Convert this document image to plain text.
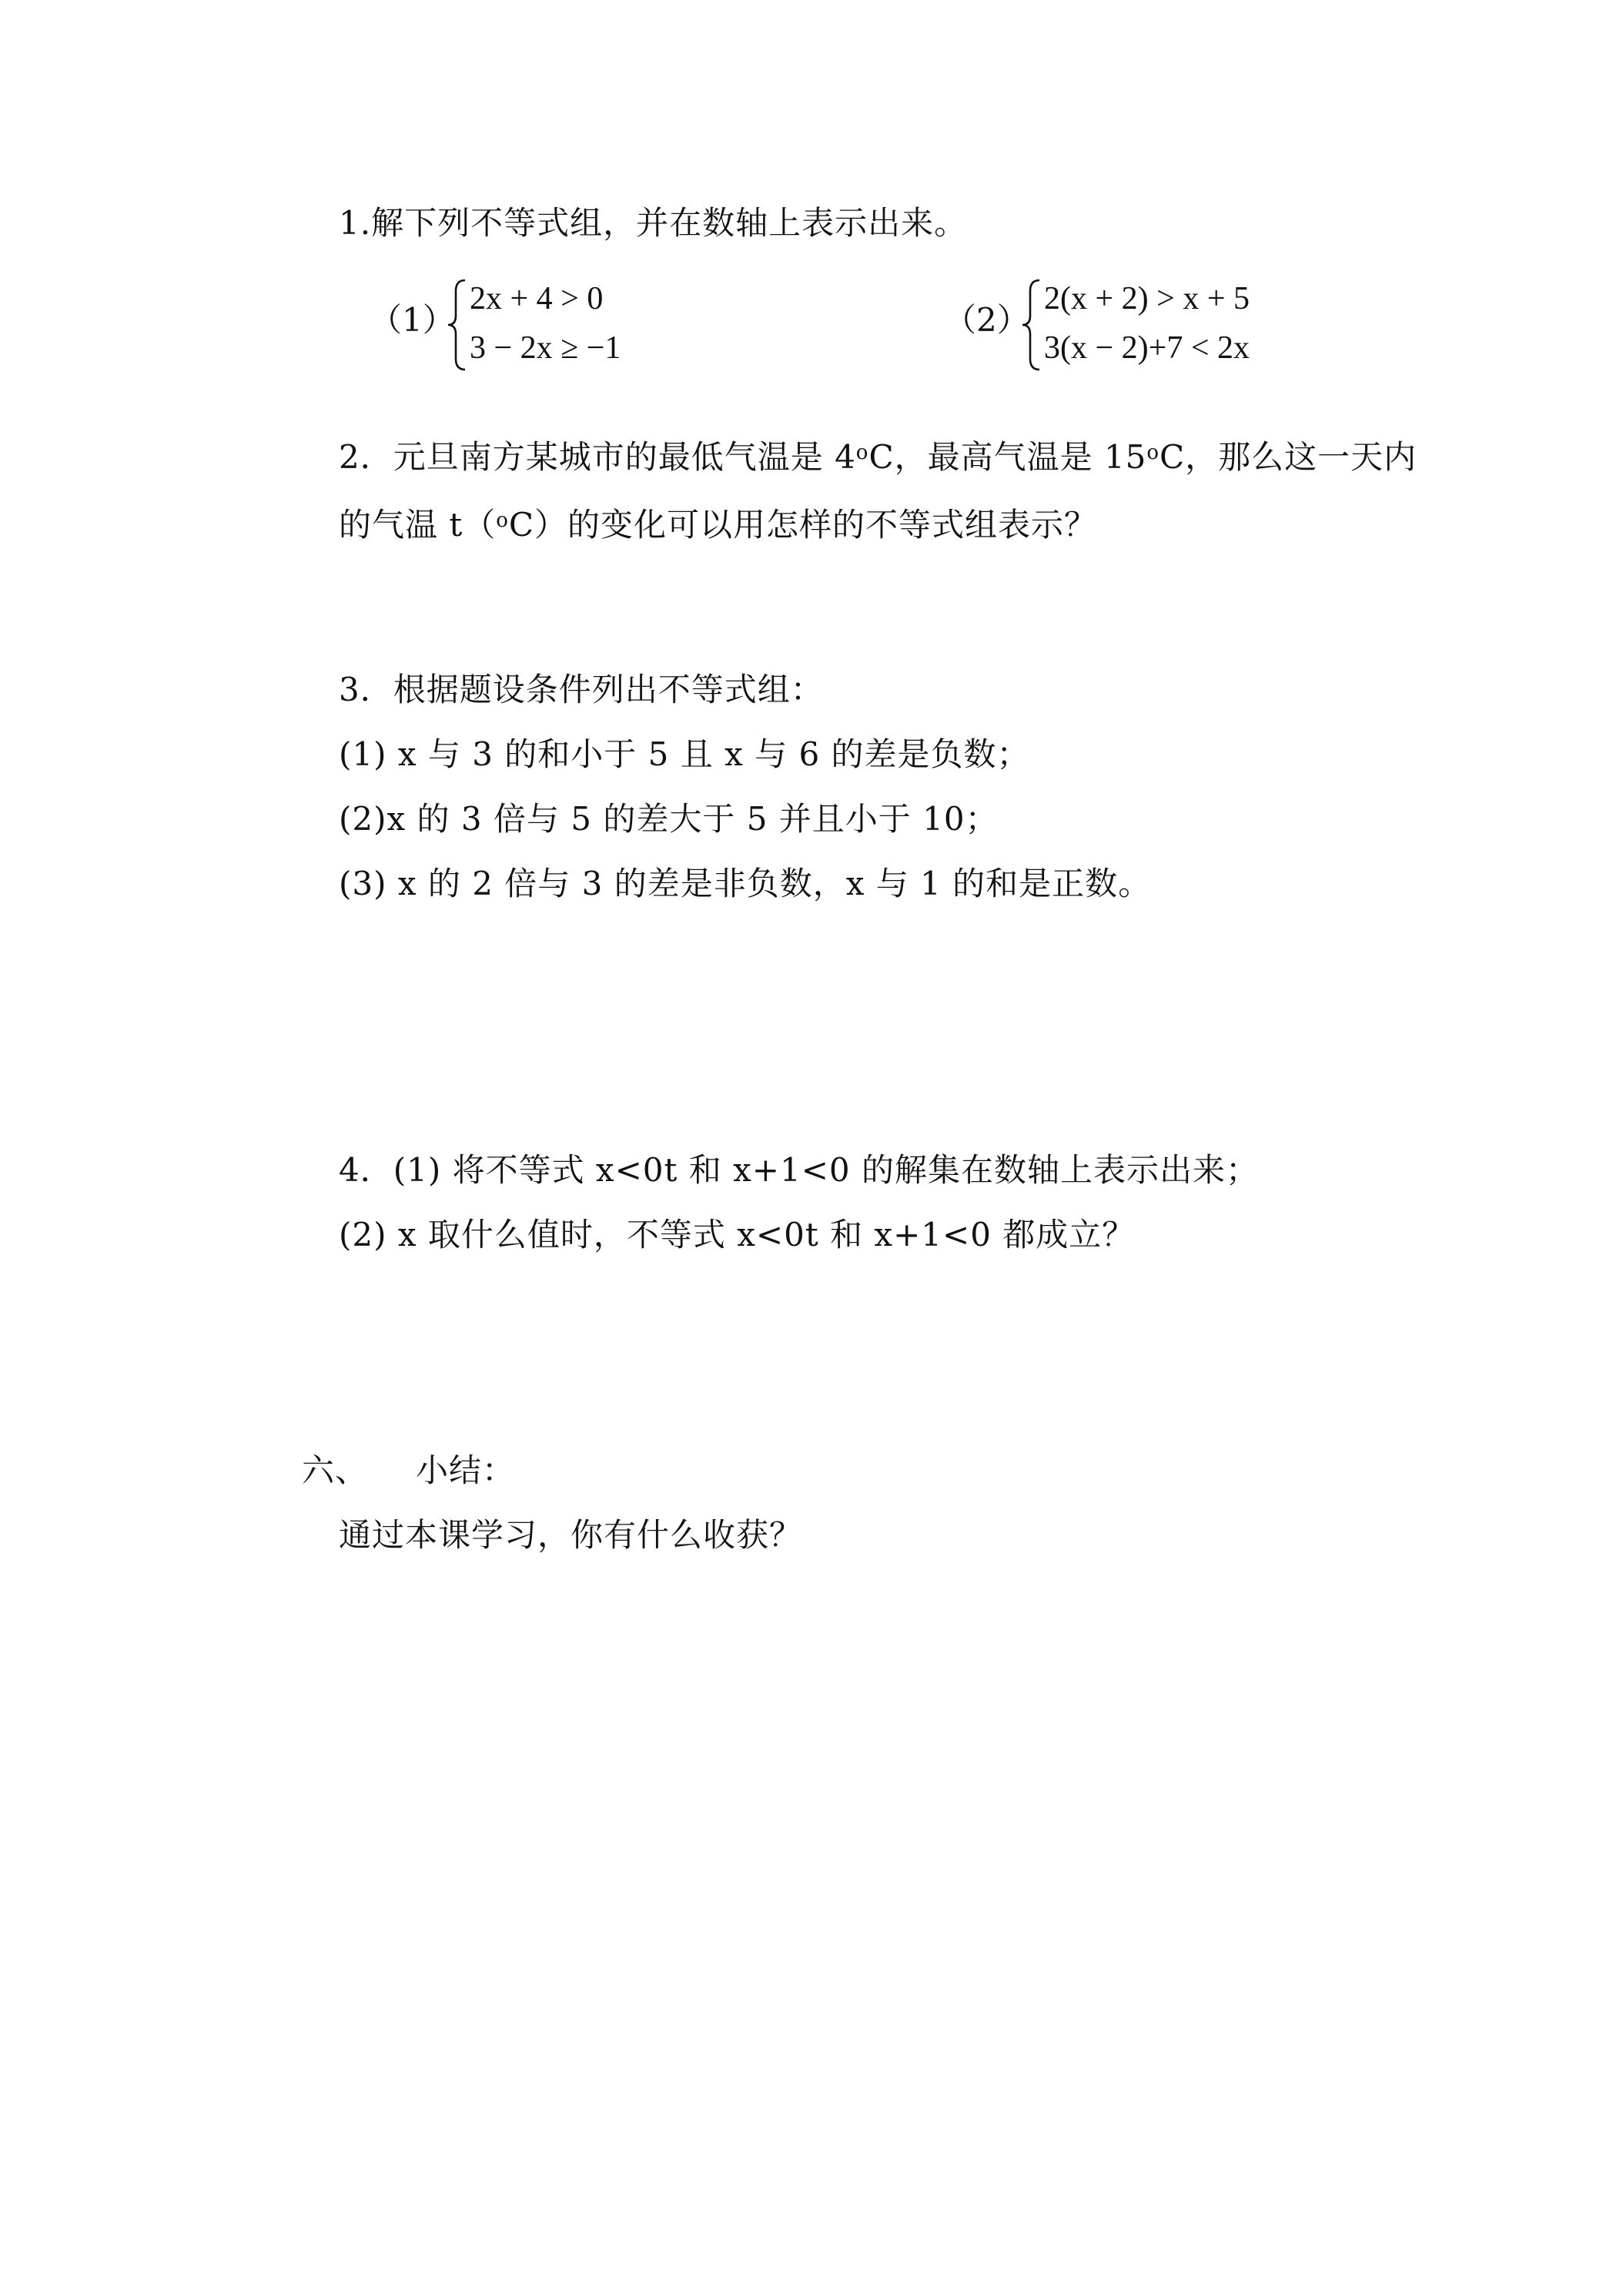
1.解下列不等式组，并在数轴上表示出来。
（1）
2x + 4 > 0
3 − 2x ≥ −1
（2）
2(x + 2) > x + 5
3(x − 2)+7 < 2x
2．元旦南方某城市的最低气温是 4$^o$C，最高气温是 15$^o$C，那么这一天内
的气温 t（$^o$C）的变化可以用怎样的不等式组表示？
3．根据题设条件列出不等式组：
(1) x 与 3 的和小于 5 且 x 与 6 的差是负数；
(2)x 的 3 倍与 5 的差大于 5 并且小于 10；
(3) x 的 2 倍与 3 的差是非负数，x 与 1 的和是正数。
4．(1) 将不等式 x<0t 和 x+1<0 的解集在数轴上表示出来；
(2) x 取什么值时，不等式 x<0t 和 x+1<0 都成立？
六、 小结：
通过本课学习，你有什么收获？
